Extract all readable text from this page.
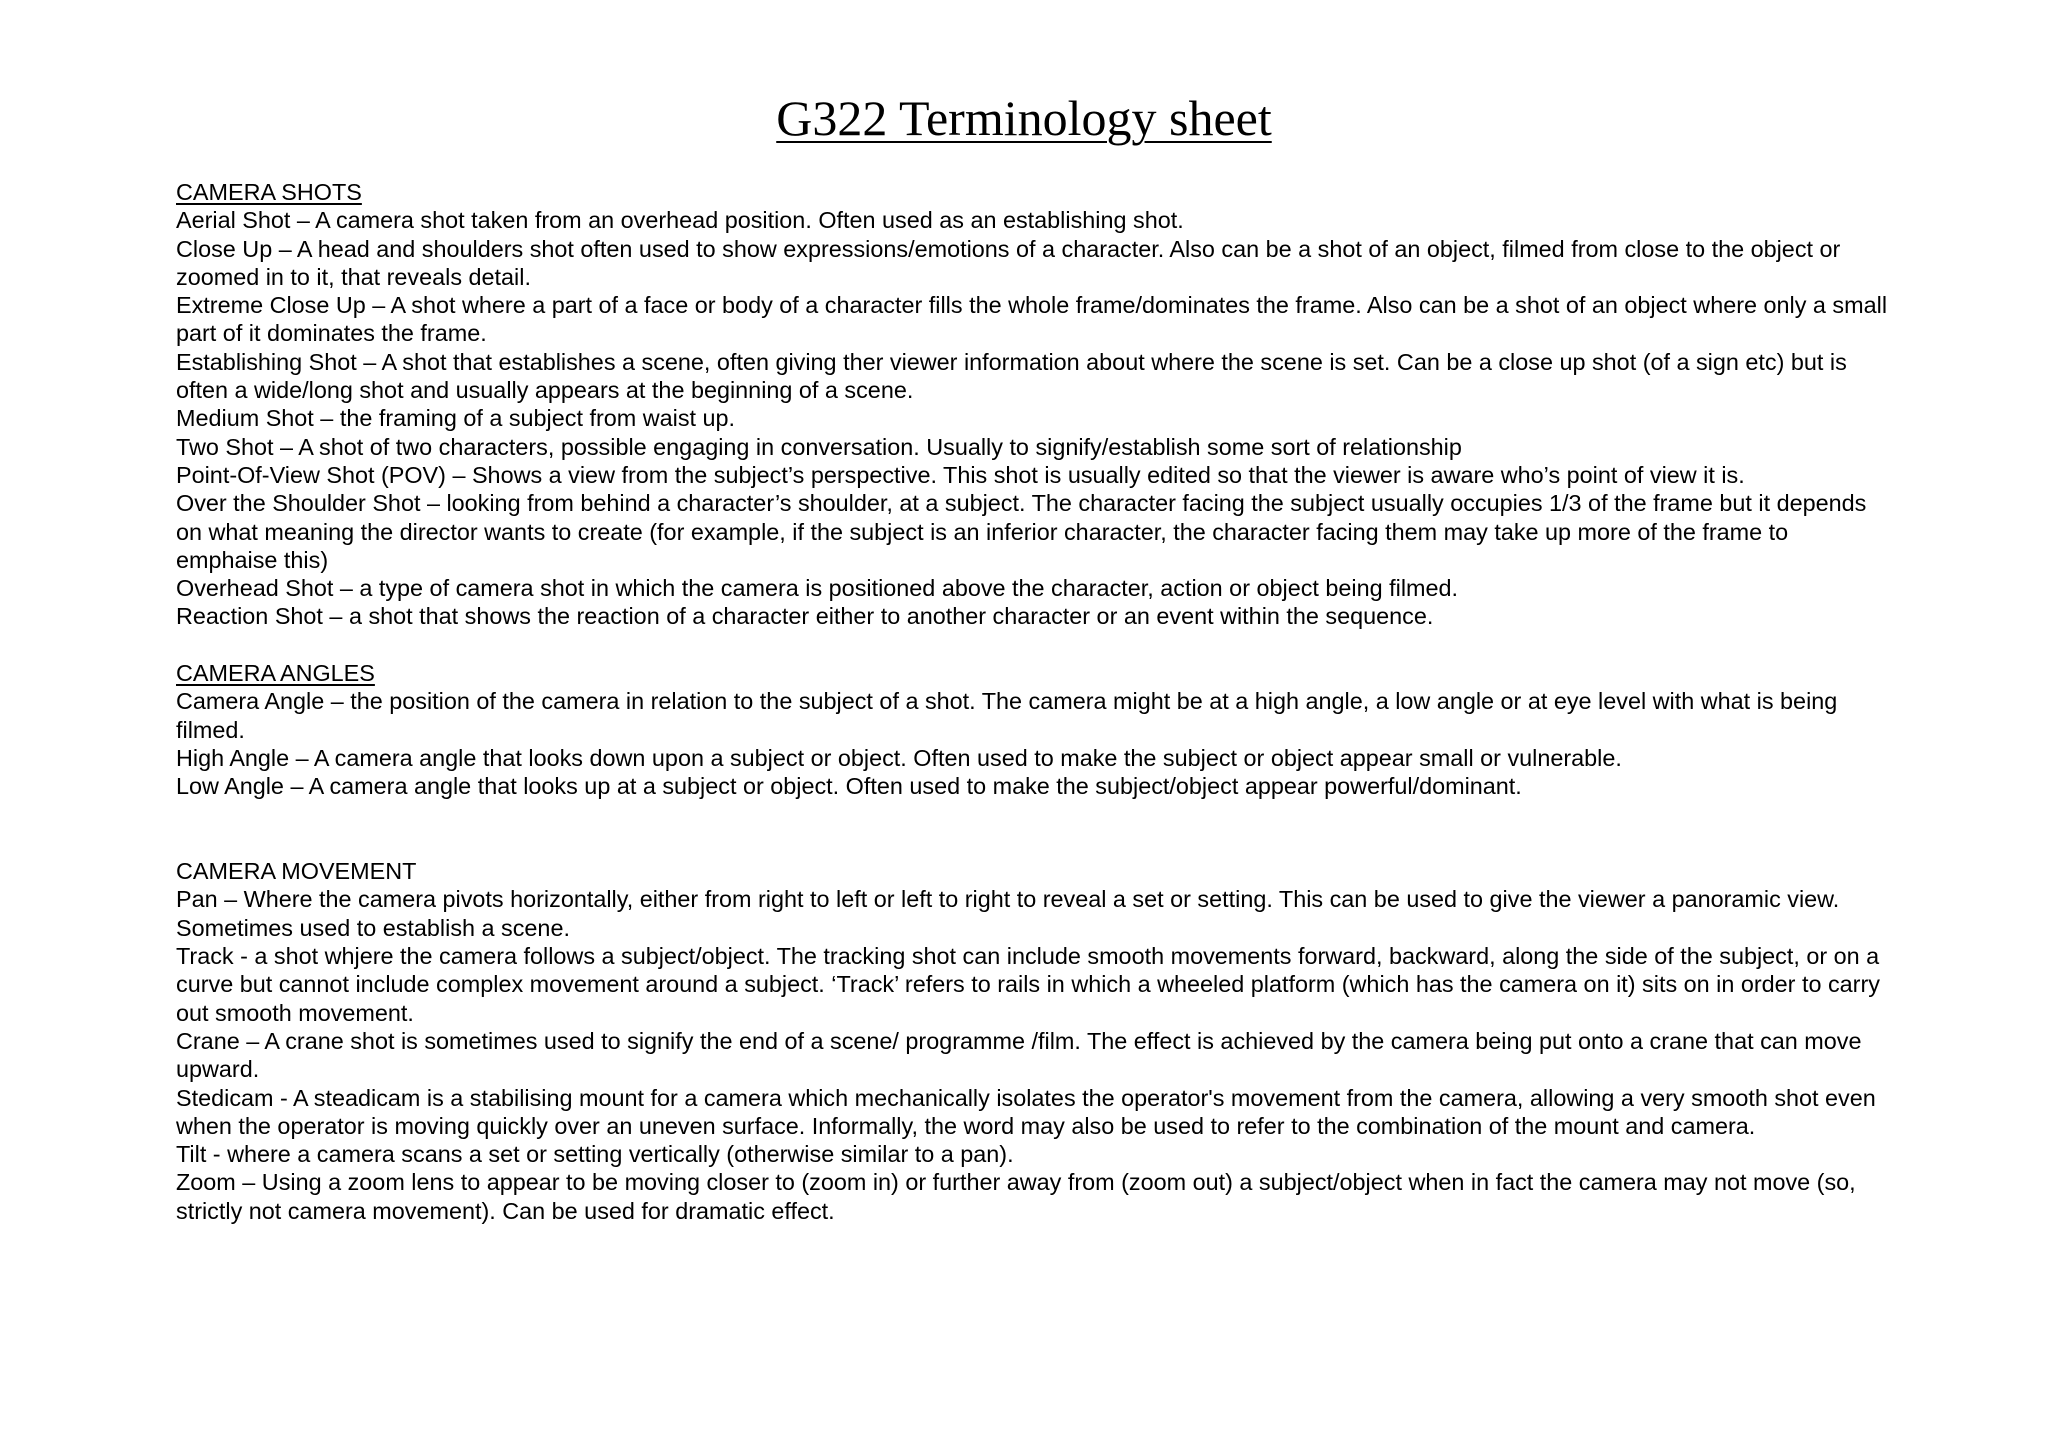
G322 Terminology sheet

CAMERA SHOTS

Aerial Shot – A camera shot taken from an overhead position. Often used as an establishing shot.

Close Up – A head and shoulders shot often used to show expressions/emotions of a character. Also can be a shot of an object, filmed from close to the object or zoomed in to it, that reveals detail.

Extreme Close Up – A shot where a part of a face or body of a character fills the whole frame/dominates the frame. Also can be a shot of an object where only a small part of it dominates the frame.

Establishing Shot – A shot that establishes a scene, often giving ther viewer information about where the scene is set. Can be a close up shot (of a sign etc) but is often a wide/long shot and usually appears at the beginning of a scene.

Medium Shot – the framing of a subject from waist up.

Two Shot – A shot of two characters, possible engaging in conversation. Usually to signify/establish some sort of relationship

Point-Of-View Shot (POV) – Shows a view from the subject’s perspective. This shot is usually edited so that the viewer is aware who’s point of view it is.

Over the Shoulder Shot – looking from behind a character’s shoulder, at a subject. The character facing the subject usually occupies 1/3 of the frame but it depends on what meaning the director wants to create (for example, if the subject is an inferior character, the character facing them may take up more of the frame to emphaise this)

Overhead Shot – a type of camera shot in which the camera is positioned above the character, action or object being filmed.

Reaction Shot – a shot that shows the reaction of a character either to another character or an event within the sequence.

CAMERA ANGLES

Camera Angle – the position of the camera in relation to the subject of a shot. The camera might be at a high angle, a low angle or at eye level with what is being filmed.

High Angle – A camera angle that looks down upon a subject or object. Often used to make the subject or object appear small or vulnerable.

Low Angle – A camera angle that looks up at a subject or object. Often used to make the subject/object appear powerful/dominant.

CAMERA MOVEMENT

Pan – Where the camera pivots horizontally, either from right to left or left to right to reveal a set or setting. This can be used to give the viewer a panoramic view. Sometimes used to establish a scene.

Track - a shot whjere the camera follows a subject/object. The tracking shot can include smooth movements forward, backward, along the side of the subject, or on a curve but cannot include complex movement around a subject. ‘Track’ refers to rails in which a wheeled platform (which has the camera on it) sits on in order to carry out smooth movement.

Crane – A crane shot is sometimes used to signify the end of a scene/ programme /film. The effect is achieved by the camera being put onto a crane that can move upward.

Stedicam - A steadicam is a stabilising mount for a camera which mechanically isolates the operator's movement from the camera, allowing a very smooth shot even when the operator is moving quickly over an uneven surface. Informally, the word may also be used to refer to the combination of the mount and camera.

Tilt - where a camera scans a set or setting vertically (otherwise similar to a pan).

Zoom – Using a zoom lens to appear to be moving closer to (zoom in) or further away from (zoom out) a subject/object when in fact the camera may not move (so, strictly not camera movement). Can be used for dramatic effect.
